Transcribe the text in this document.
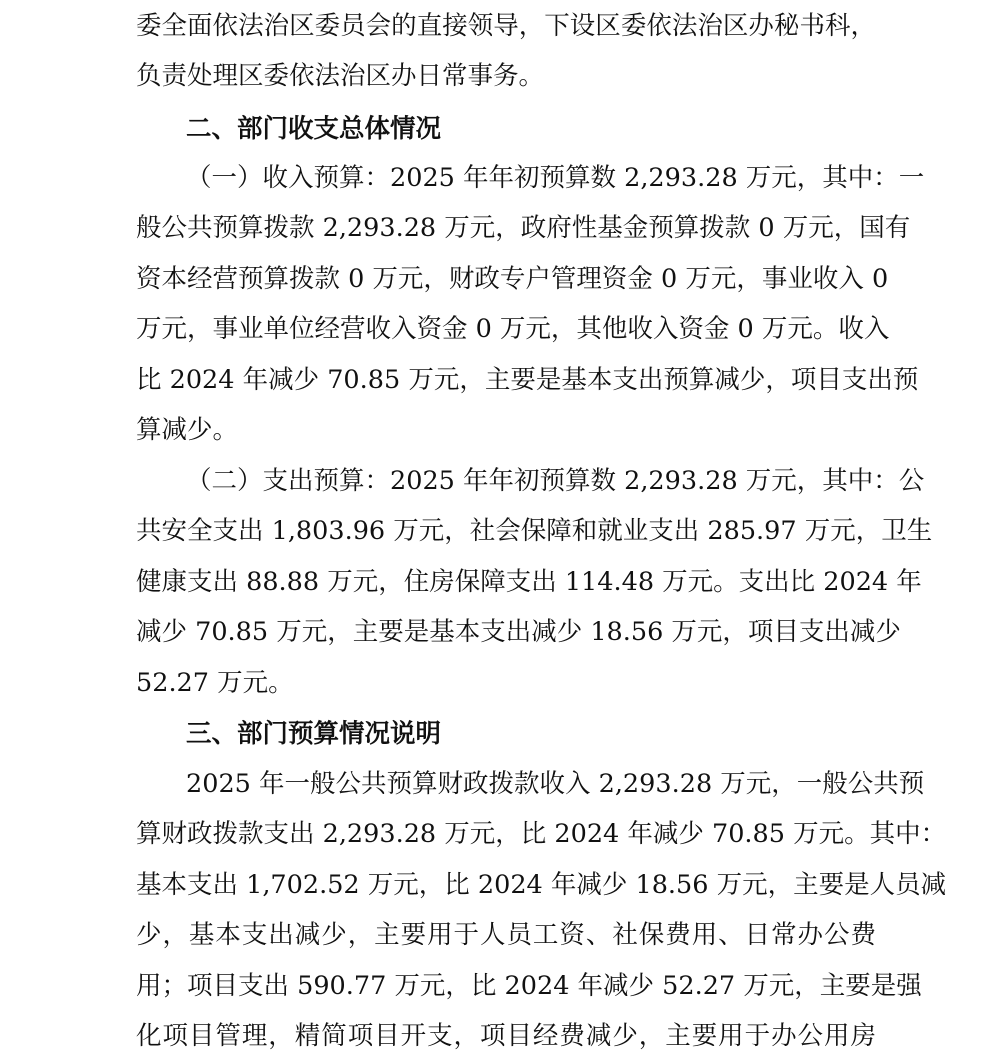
委全面依法治区委员会的直接领导，下设区委依法治区办秘书科，
负责处理区委依法治区办日常事务。
二、部门收支总体情况
（一）收入预算：2025 年年初预算数 2,293.28 万元，其中：一
般公共预算拨款 2,293.28 万元，政府性基金预算拨款 0 万元，国有
资本经营预算拨款 0 万元，财政专户管理资金 0 万元，事业收入 0
万元，事业单位经营收入资金 0 万元，其他收入资金 0 万元。收入
比 2024 年减少 70.85 万元，主要是基本支出预算减少，项目支出预
算减少。
（二）支出预算：2025 年年初预算数 2,293.28 万元，其中：公
共安全支出 1,803.96 万元，社会保障和就业支出 285.97 万元，卫生
健康支出 88.88 万元，住房保障支出 114.48 万元。支出比 2024 年
减少 70.85 万元，主要是基本支出减少 18.56 万元，项目支出减少
52.27 万元。
三、部门预算情况说明
2025 年一般公共预算财政拨款收入 2,293.28 万元，一般公共预
算财政拨款支出 2,293.28 万元，比 2024 年减少 70.85 万元。其中：
基本支出 1,702.52 万元，比 2024 年减少 18.56 万元，主要是人员减
少，基本支出减少，主要用于人员工资、社保费用、日常办公费
用；项目支出 590.77 万元，比 2024 年减少 52.27 万元，主要是强
化项目管理，精简项目开支，项目经费减少，主要用于办公用房
